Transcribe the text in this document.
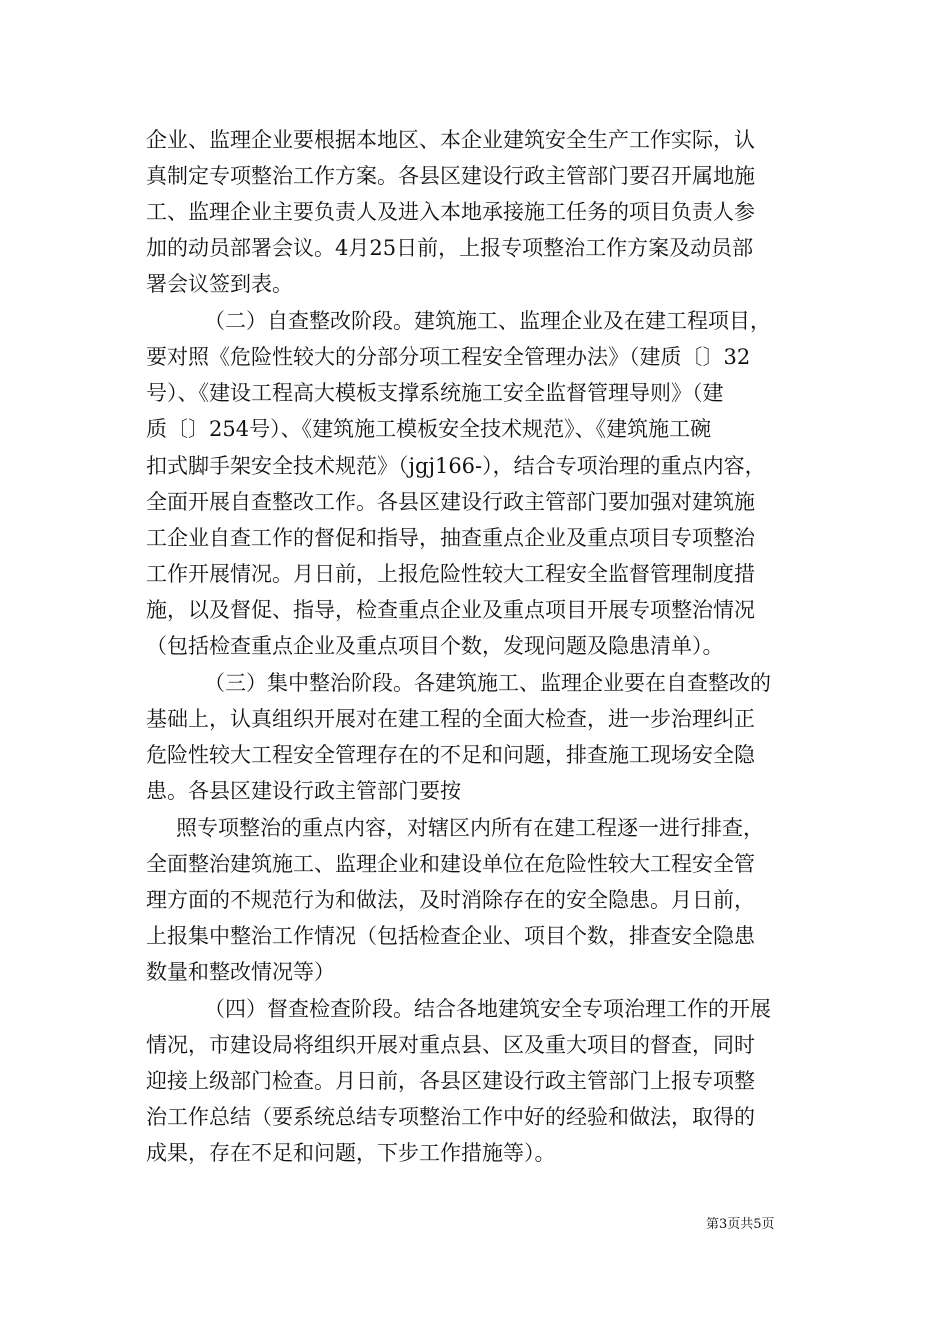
企业、监理企业要根据本地区、本企业建筑安全生产工作实际，认
真制定专项整治工作方案。各县区建设行政主管部门要召开属地施
工、监理企业主要负责人及进入本地承接施工任务的项目负责人参
加的动员部署会议。4月25日前，上报专项整治工作方案及动员部
署会议签到表。
（二）自查整改阶段。建筑施工、监理企业及在建工程项目，
要对照《危险性较大的分部分项工程安全管理办法》（建质〔〕32
号）、《建设工程高大模板支撑系统施工安全监督管理导则》（建
质〔〕254号）、《建筑施工模板安全技术规范》、《建筑施工碗
扣式脚手架安全技术规范》（jgj166-），结合专项治理的重点内容，
全面开展自查整改工作。各县区建设行政主管部门要加强对建筑施
工企业自查工作的督促和指导，抽查重点企业及重点项目专项整治
工作开展情况。月日前，上报危险性较大工程安全监督管理制度措
施，以及督促、指导，检查重点企业及重点项目开展专项整治情况
（包括检查重点企业及重点项目个数，发现问题及隐患清单）。
（三）集中整治阶段。各建筑施工、监理企业要在自查整改的
基础上，认真组织开展对在建工程的全面大检查，进一步治理纠正
危险性较大工程安全管理存在的不足和问题，排查施工现场安全隐
患。各县区建设行政主管部门要按
照专项整治的重点内容，对辖区内所有在建工程逐一进行排查，
全面整治建筑施工、监理企业和建设单位在危险性较大工程安全管
理方面的不规范行为和做法，及时消除存在的安全隐患。月日前，
上报集中整治工作情况（包括检查企业、项目个数，排查安全隐患
数量和整改情况等）
（四）督查检查阶段。结合各地建筑安全专项治理工作的开展
情况，市建设局将组织开展对重点县、区及重大项目的督查，同时
迎接上级部门检查。月日前，各县区建设行政主管部门上报专项整
治工作总结（要系统总结专项整治工作中好的经验和做法，取得的
成果，存在不足和问题，下步工作措施等）。
第3页共5页
